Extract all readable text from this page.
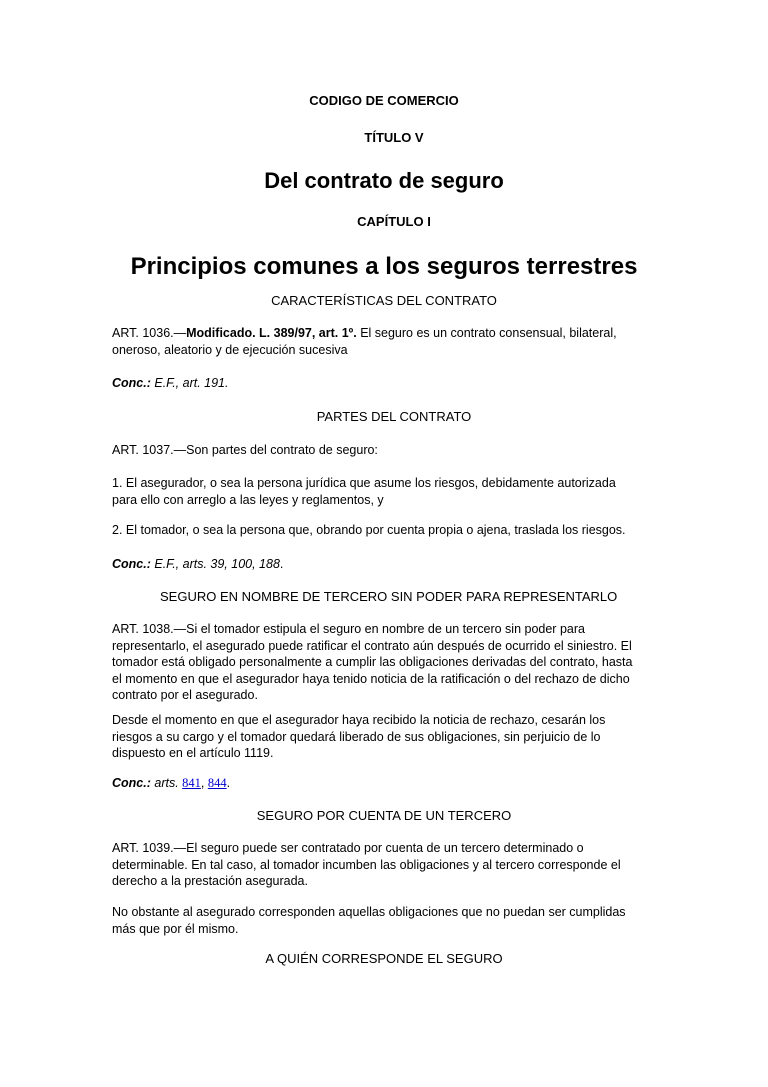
CODIGO DE COMERCIO

TÍTULO V

Del contrato de seguro

CAPÍTULO I

Principios comunes a los seguros terrestres

CARACTERÍSTICAS DEL CONTRATO

ART. 1036.—Modificado. L. 389/97, art. 1º. El seguro es un contrato consensual, bilateral,
oneroso, aleatorio y de ejecución sucesiva
Conc.: E.F., art. 191.

PARTES DEL CONTRATO

ART. 1037.—Son partes del contrato de seguro:
1. El asegurador, o sea la persona jurídica que asume los riesgos, debidamente autorizada
para ello con arreglo a las leyes y reglamentos, y
2. El tomador, o sea la persona que, obrando por cuenta propia o ajena, traslada los riesgos.
Conc.: E.F., arts. 39, 100, 188.

SEGURO EN NOMBRE DE TERCERO SIN PODER PARA REPRESENTARLO

ART. 1038.—Si el tomador estipula el seguro en nombre de un tercero sin poder para
representarlo, el asegurado puede ratificar el contrato aún después de ocurrido el siniestro. El
tomador está obligado personalmente a cumplir las obligaciones derivadas del contrato, hasta
el momento en que el asegurador haya tenido noticia de la ratificación o del rechazo de dicho
contrato por el asegurado.
Desde el momento en que el asegurador haya recibido la noticia de rechazo, cesarán los
riesgos a su cargo y el tomador quedará liberado de sus obligaciones, sin perjuicio de lo
dispuesto en el artículo 1119.
Conc.: arts. 841, 844.

SEGURO POR CUENTA DE UN TERCERO

ART. 1039.—El seguro puede ser contratado por cuenta de un tercero determinado o
determinable. En tal caso, al tomador incumben las obligaciones y al tercero corresponde el
derecho a la prestación asegurada.
No obstante al asegurado corresponden aquellas obligaciones que no puedan ser cumplidas
más que por él mismo.

A QUIÉN CORRESPONDE EL SEGURO
